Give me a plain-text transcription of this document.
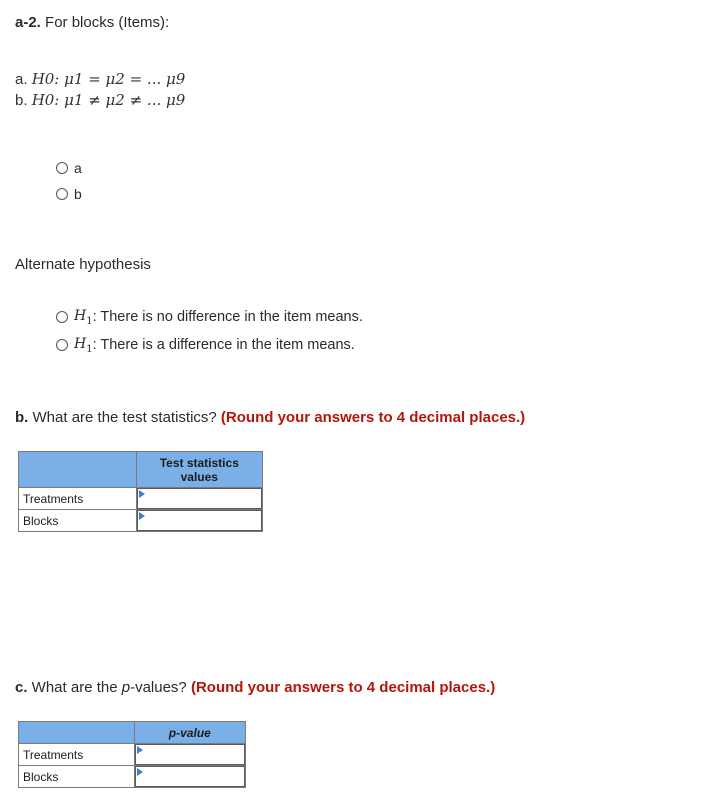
a-2. For blocks (Items):
a. H0: μ1 = μ2 = ... μ9
b. H0: μ1 ≠ μ2 ≠ ... μ9
a
b
Alternate hypothesis
$H_1$ : There is no difference in the item means.
$H_1$ : There is a difference in the item means.
b. What are the test statistics? (Round your answers to 4 decimal places.)

	Test statistics
values

Treatments	

Blocks	
c. What are the p-values? (Round your answers to 4 decimal places.)
	p-value
Treatments	

Blocks	
